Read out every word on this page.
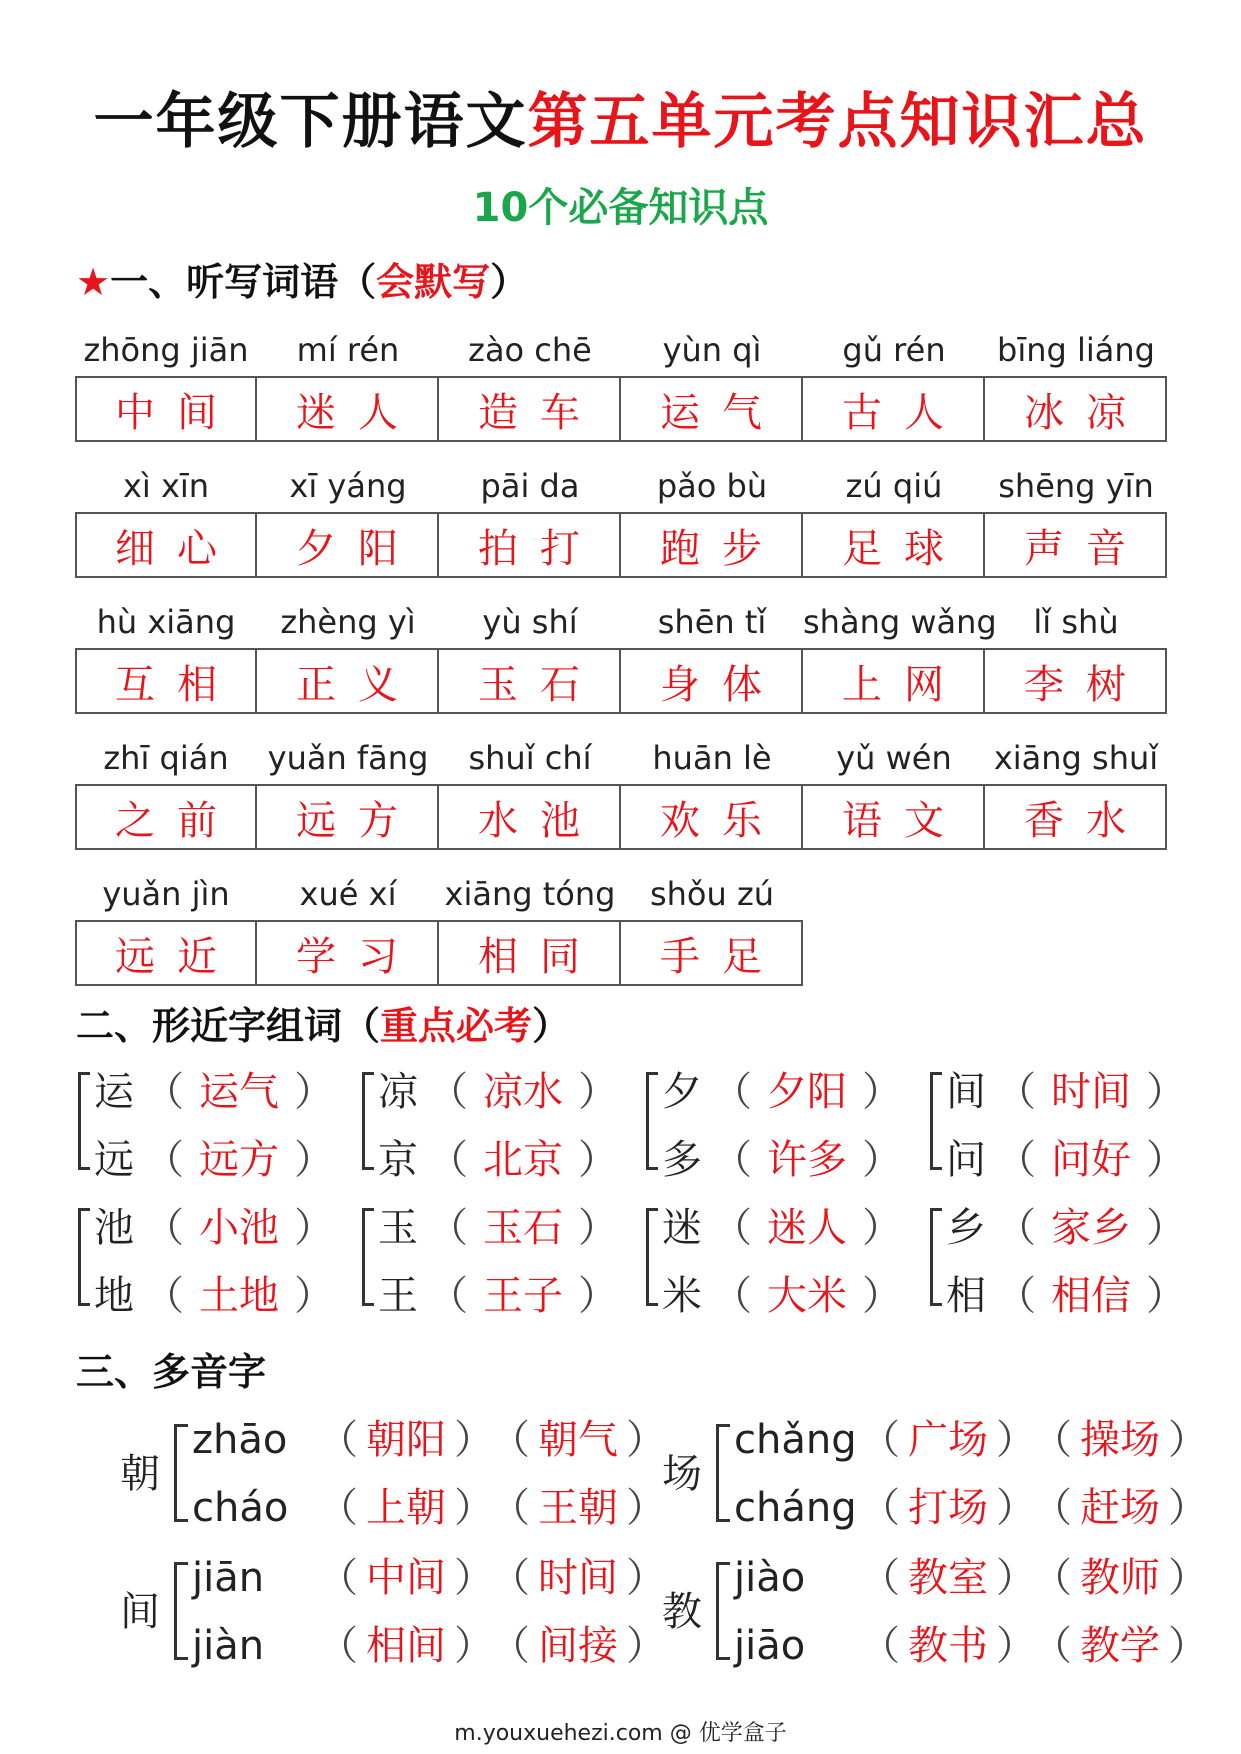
一年级下册语文第五单元考点知识汇总
10个必备知识点
★一、听写词语（会默写）
zhōng jiān
中间
mí rén
迷人
zào chē
造车
yùn qì
运气
gǔ rén
古人
bīng liáng
冰凉
xì xīn
细心
xī yáng
夕阳
pāi da
拍打
pǎo bù
跑步
zú qiú
足球
shēng yīn
声音
hù xiāng
互相
zhèng yì
正义
yù shí
玉石
shēn tǐ
身体
shàng wǎng
上网
lǐ shù
李树
zhī qián
之前
yuǎn fāng
远方
shuǐ chí
水池
huān lè
欢乐
yǔ wén
语文
xiāng shuǐ
香水
yuǎn jìn
远近
xué xí
学习
xiāng tóng
相同
shǒu zú
手足
二、形近字组词（重点必考）
运 （ 运气 ）
远 （ 远方 ）
凉 （ 凉水 ）
京 （ 北京 ）
夕 （ 夕阳 ）
多 （ 许多 ）
间 （ 时间 ）
问 （ 问好 ）
池 （ 小池 ）
地 （ 土地 ）
玉 （ 玉石 ）
王 （ 王子 ）
迷 （ 迷人 ）
米 （ 大米 ）
乡 （ 家乡 ）
相 （ 相信 ）
三、多音字
朝
zhāo （ 朝阳 ） （ 朝气 ）
cháo （ 上朝 ） （ 王朝 ）
场
chǎng（ 广场 ） （ 操场 ）
cháng（ 打场 ） （ 赶场 ）
间
jiān （ 中间 ） （ 时间 ）
jiàn （ 相间 ） （ 间接 ）
教
jiào （ 教室 ） （ 教师 ）
jiāo （ 教书 ） （ 教学 ）
m.youxuehezi.com @ 优学盒子
